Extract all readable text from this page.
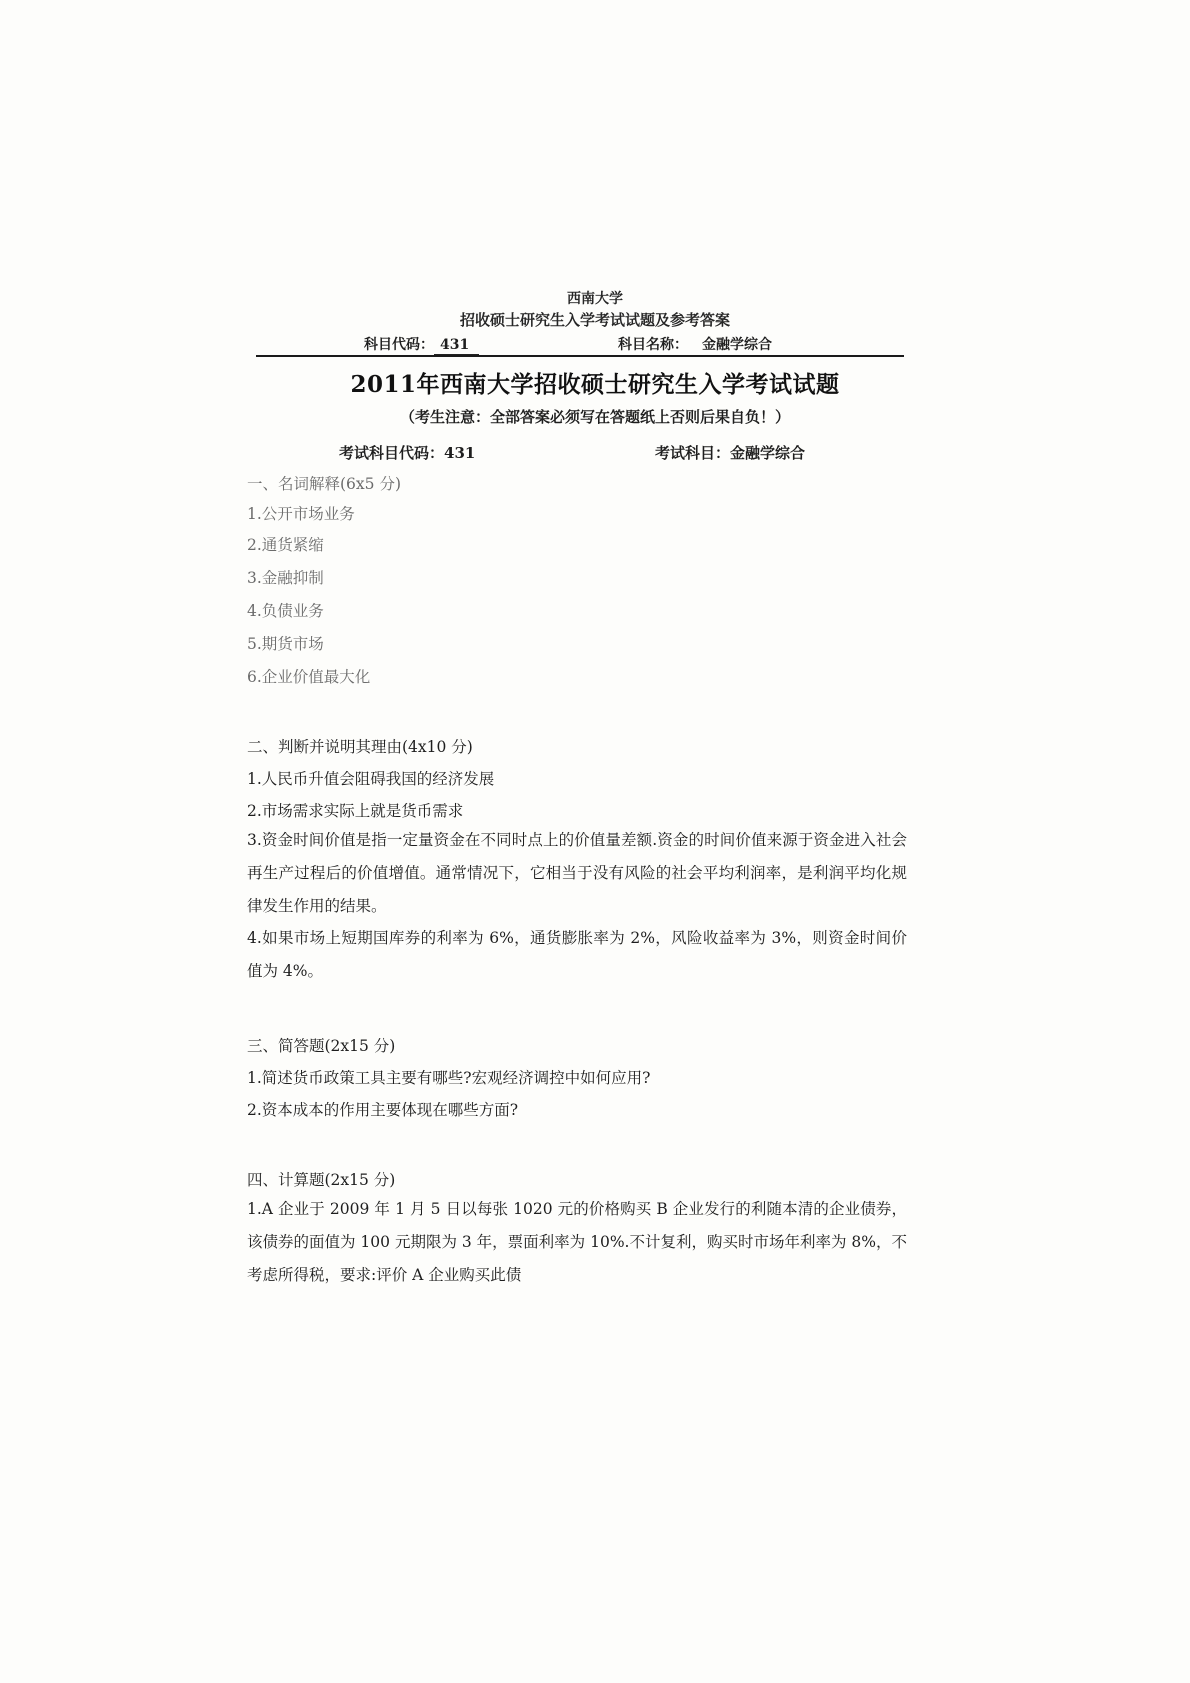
西南大学
招收硕士研究生入学考试试题及参考答案
科目代码： 431	科目名称： 金融学综合
2011年西南大学招收硕士研究生入学考试试题
（考生注意：全部答案必须写在答题纸上否则后果自负！）
考试科目代码：431	考试科目：金融学综合
一、名词解释(6x5 分)
1.公开市场业务
2.通货紧缩
3.金融抑制
4.负债业务
5.期货市场
6.企业价值最大化
二、判断并说明其理由(4x10 分)
1.人民币升值会阻碍我国的经济发展
2.市场需求实际上就是货币需求
3.资金时间价值是指一定量资金在不同时点上的价值量差额.资金的时间价值来源于资金进入社会再生产过程后的价值增值。通常情况下，它相当于没有风险的社会平均利润率，是利润平均化规律发生作用的结果。
4.如果市场上短期国库券的利率为 6%，通货膨胀率为 2%，风险收益率为 3%，则资金时间价值为 4%。
三、简答题(2x15 分)
1.简述货币政策工具主要有哪些?宏观经济调控中如何应用?
2.资本成本的作用主要体现在哪些方面?
四、计算题(2x15 分)
1.A 企业于 2009 年 1 月 5 日以每张 1020 元的价格购买 B 企业发行的利随本清的企业债券，该债券的面值为 100 元期限为 3 年，票面利率为 10%.不计复利，购买时市场年利率为 8%，不考虑所得税，要求:评价 A 企业购买此债
